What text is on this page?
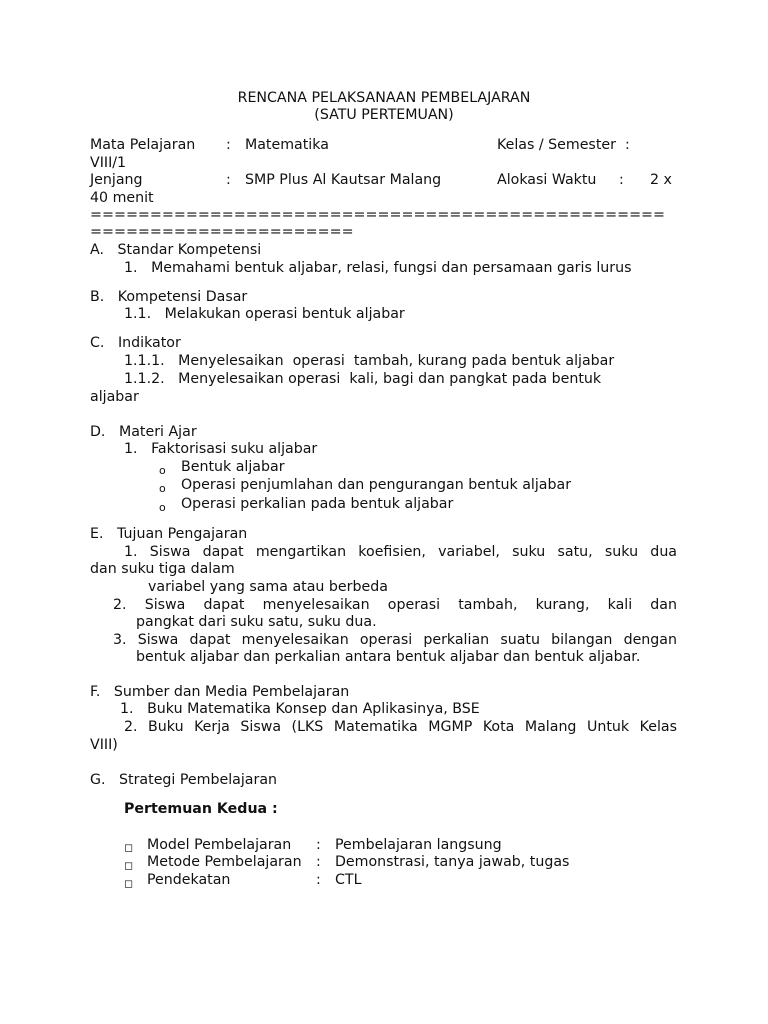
RENCANA PELAKSANAAN PEMBELAJARAN
(SATU PERTEMUAN)
Mata Pelajaran : Matematika	Kelas / Semester  :
VIII/1
Jenjang	: SMP Plus Al Kautsar Malang	Alokasi Waktu     : 2 x
40 menit
================================================
======================
A.   Standar Kompetensi
1.   Memahami bentuk aljabar, relasi, fungsi dan persamaan garis lurus
B.   Kompetensi Dasar
1.1.   Melakukan operasi bentuk aljabar
C.   Indikator
1.1.1.   Menyelesaikan  operasi  tambah, kurang pada bentuk aljabar
1.1.2.   Menyelesaikan operasi  kali, bagi dan pangkat pada bentuk
aljabar
D.   Materi Ajar
1.   Faktorisasi suku aljabar
o Bentuk aljabar
o Operasi penjumlahan dan pengurangan bentuk aljabar
o Operasi perkalian pada bentuk aljabar
E.   Tujuan Pengajaran
1. Siswa dapat mengartikan koefisien, variabel, suku satu, suku dua
dan suku tiga dalam
variabel yang sama atau berbeda
2. Siswa dapat menyelesaikan operasi tambah, kurang, kali dan
pangkat dari suku satu, suku dua.
3. Siswa dapat menyelesaikan operasi perkalian suatu bilangan dengan
bentuk aljabar dan perkalian antara bentuk aljabar dan bentuk aljabar.
F.   Sumber dan Media Pembelajaran
1.   Buku Matematika Konsep dan Aplikasinya, BSE
2. Buku Kerja Siswa (LKS Matematika MGMP Kota Malang Untuk Kelas
VIII)
G.   Strategi Pembelajaran
Pertemuan Kedua :
◻ Model Pembelajaran : Pembelajaran langsung
◻ Metode Pembelajaran : Demonstrasi, tanya jawab, tugas
◻ Pendekatan	: CTL
